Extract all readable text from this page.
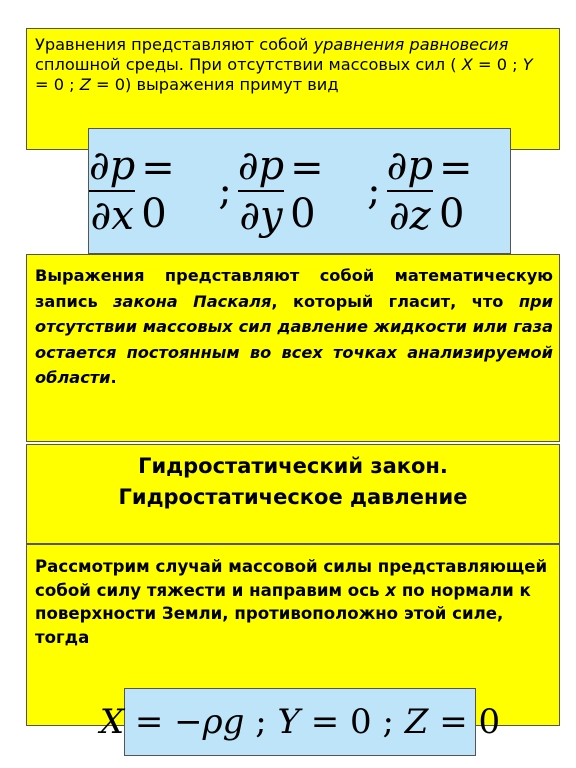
Уравнения представляют собой уравнения равновесия сплошной среды. При отсутствии массовых сил ( X = 0 ; Y = 0 ; Z = 0) выражения примут вид

$\frac{\partial p}{\partial x} = 0$	; $\frac{\partial p}{\partial y} = 0$	; $\frac{\partial p}{\partial z} = 0$

Выражения представляют собой математическую запись закона Паскаля, который гласит, что при отсутствии массовых сил давление жидкости или газа остается постоянным во всех точках анализируемой области.

Гидростатический закон.

Гидростатическое давление

Рассмотрим случай массовой силы представляющей собой силу тяжести и направим ось x по нормали к поверхности Земли, противоположно этой силе,
тогда

X = −ρg ; Y = 0 ; Z = 0
